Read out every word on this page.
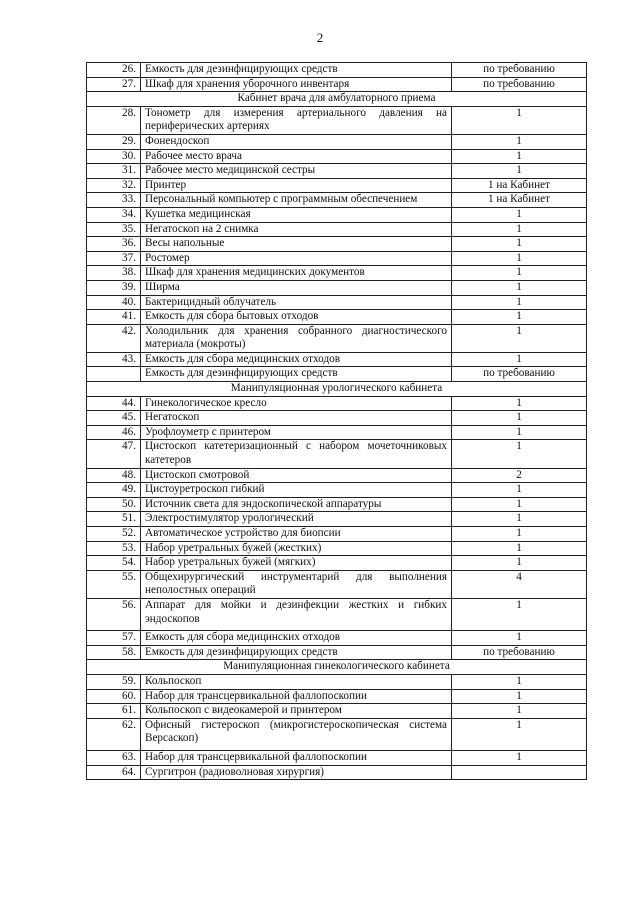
2
26.	Емкость для дезинфицирующих средств	по требованию
27.	Шкаф для хранения уборочного инвентаря	по требованию
Кабинет врача для амбулаторного приема		
28.	Тонометр для измерения артериального давления на периферических артериях	1
29.	Фонендоскоп	1
30.	Рабочее место врача	1
31.	Рабочее место медицинской сестры	1
32.	Принтер	1 на Кабинет
33.	Персональный компьютер с программным обеспечением	1 на Кабинет
34.	Кушетка медицинская	1
35.	Негатоскоп на 2 снимка	1
36.	Весы напольные	1
37.	Ростомер	1
38.	Шкаф для хранения медицинских документов	1
39.	Ширма	1
40.	Бактерицидный облучатель	1
41.	Емкость для сбора бытовых отходов	1
42.	Холодильник для хранения собранного диагностического материала (мокроты)	1
43.	Емкость для сбора медицинских отходов	1
	Емкость для дезинфицирующих средств	по требованию
Манипуляционная урологического кабинета		
44.	Гинекологическое кресло	1
45.	Негатоскоп	1
46.	Урофлоуметр с принтером	1
47.	Цистоскоп катетеризационный с набором мочеточниковых катетеров	1
48.	Цистоскоп смотровой	2
49.	Цистоуретроскоп гибкий	1
50.	Источник света для эндоскопической аппаратуры	1
51.	Электростимулятор урологический	1
52.	Автоматическое устройство для биопсии	1
53.	Набор уретральных бужей (жестких)	1
54.	Набор уретральных бужей (мягких)	1
55.	Общехирургический инструментарий для выполнения неполостных операций	4
56.	Аппарат для мойки и дезинфекции жестких и гибких эндоскопов	1
57.	Емкость для сбора медицинских отходов	1
58.	Емкость для дезинфицирующих средств	по требованию
Манипуляционная гинекологического кабинета		
59.	Кольпоскоп	1
60.	Набор для трансцервикальной фаллопоскопии	1
61.	Кольпоскоп с видеокамерой и принтером	1
62.	Офисный гистероскоп (микрогистероскопическая система Версаскоп)	1
63.	Набор для трансцервикальной фаллопоскопии	1
64.	Сургитрон (радиоволновая хирургия)	
